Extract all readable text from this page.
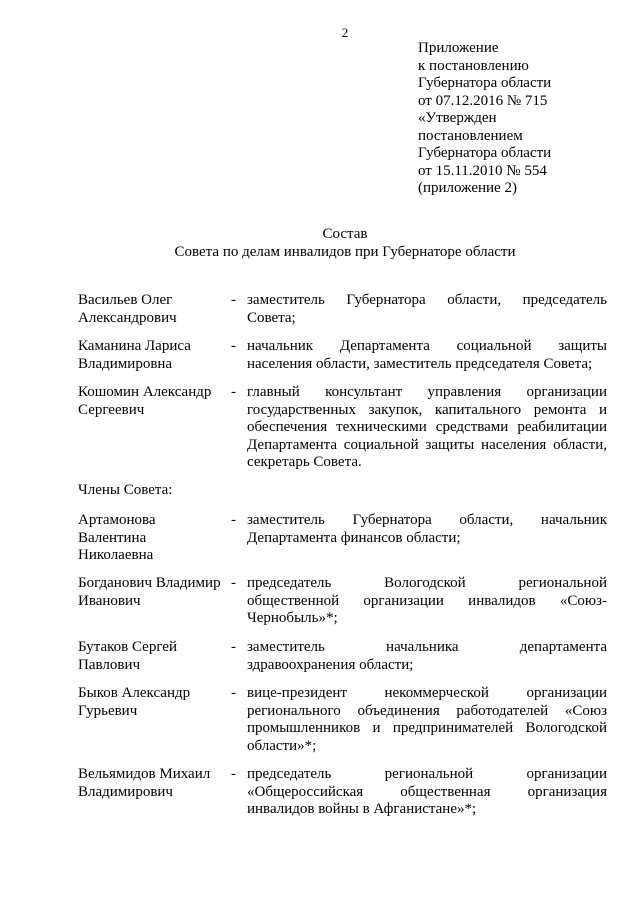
2
Приложение
к постановлению
Губернатора области
от 07.12.2016 № 715
«Утвержден
постановлением
Губернатора области
от 15.11.2010 № 554
(приложение 2)
Состав
Совета по делам инвалидов при Губернаторе области
Васильев Олег
Александрович
- заместитель Губернатора области, председатель
Совета;
Каманина Лариса
Владимировна
- начальник Департамента социальной защиты
населения области, заместитель председателя Совета;
Кошомин Александр
Сергеевич
- главный консультант управления организации
государственных закупок, капитального ремонта и
обеспечения техническими средствами реабилитации
Департамента социальной защиты населения области,
секретарь Совета.
Члены Совета:
Артамонова
Валентина
Николаевна
- заместитель Губернатора области, начальник
Департамента финансов области;
Богданович Владимир
Иванович
- председатель Вологодской региональной
общественной организации инвалидов «Союз-
Чернобыль»*;
Бутаков Сергей
Павлович
- заместитель начальника департамента
здравоохранения области;
Быков Александр
Гурьевич
- вице-президент некоммерческой организации
регионального объединения работодателей «Союз
промышленников и предпринимателей Вологодской
области»*;
Вельямидов Михаил
Владимирович
- председатель региональной организации
«Общероссийская общественная организация
инвалидов войны в Афганистане»*;
